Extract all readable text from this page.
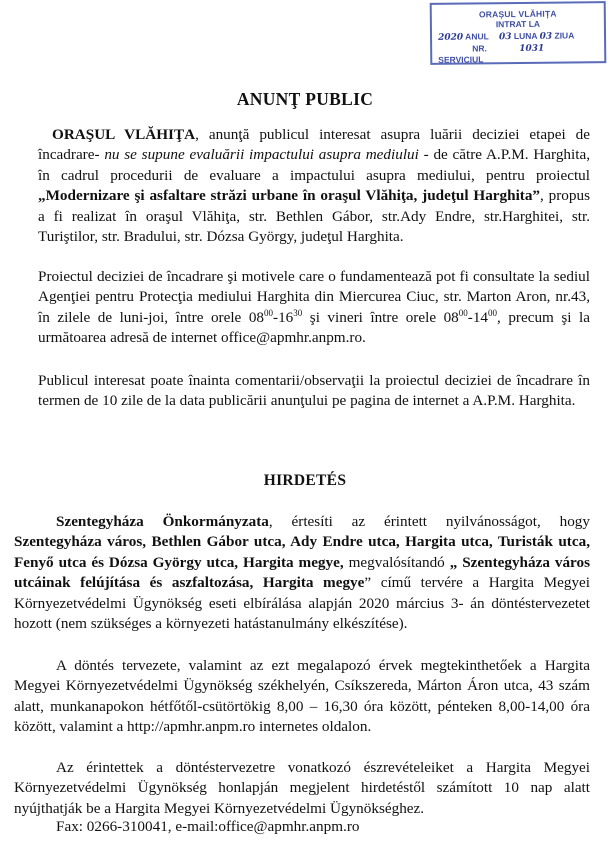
ORAȘUL VLĂHIȚA
INTRAT LA
2020 ANUL 03 LUNA 03 ZIUA
NR.	1031
SERVICIUL
ANUNŢ PUBLIC

ORAŞUL VLĂHIŢA, anunţă publicul interesat asupra luării deciziei etapei de încadrare- nu se supune evaluării impactului asupra mediului - de către A.P.M. Harghita, în cadrul procedurii de evaluare a impactului asupra mediului, pentru proiectul „Modernizare şi asfaltare străzi urbane în oraşul Vlăhiţa, judeţul Harghita”, propus a fi realizat în oraşul Vlăhiţa, str. Bethlen Gábor, str.Ady Endre, str.Harghitei, str. Turiştilor, str. Bradului, str. Dózsa György, judeţul Harghita.

Proiectul deciziei de încadrare şi motivele care o fundamentează pot fi consultate la sediul Agenţiei pentru Protecţia mediului Harghita din Miercurea Ciuc, str. Marton Aron, nr.43, în zilele de luni-joi, între orele $08^{00}-16^{30}$ şi vineri între orele $08^{00}-14^{00}$, precum şi la următoarea adresă de internet office@apmhr.anpm.ro.

Publicul interesat poate înainta comentarii/observaţii la proiectul deciziei de încadrare în termen de 10 zile de la data publicării anunţului pe pagina de internet a A.P.M. Harghita.

HIRDETÉS

Szentegyháza Önkormányzata, értesíti az érintett nyilvánosságot, hogy Szentegyháza város, Bethlen Gábor utca, Ady Endre utca, Hargita utca, Turisták utca, Fenyő utca és Dózsa György utca, Hargita megye, megvalósítandó „ Szentegyháza város utcáinak felújítása és aszfaltozása, Hargita megye” című tervére a Hargita Megyei Környezetvédelmi Ügynökség eseti elbírálása alapján 2020 március 3- án döntéstervezetet hozott (nem szükséges a környezeti hatástanulmány elkészítése).

A döntés tervezete, valamint az ezt megalapozó érvek megtekinthetőek a Hargita Megyei Környezetvédelmi Ügynökség székhelyén, Csíkszereda, Márton Áron utca, 43 szám alatt, munkanapokon hétfőtől-csütörtökig 8,00 – 16,30 óra között, pénteken 8,00-14,00 óra között, valamint a http://apmhr.anpm.ro internetes oldalon.

Az érintettek a döntéstervezetre vonatkozó észrevételeiket a Hargita Megyei Környezetvédelmi Ügynökség honlapján megjelent hirdetéstől számított 10 nap alatt nyújthatják be a Hargita Megyei Környezetvédelmi Ügynökséghez.

Fax: 0266-310041, e-mail:office@apmhr.anpm.ro
